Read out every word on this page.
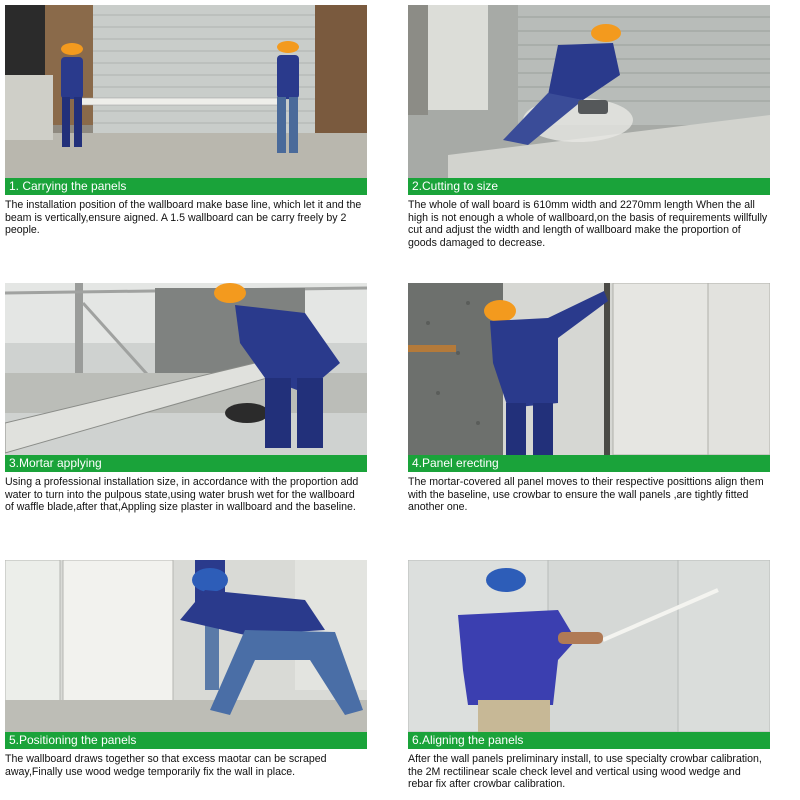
1. Carrying the panels
The installation position of the wallboard make base line, which let it and the beam is vertically,ensure aigned. A 1.5 wallboard can be carry freely by 2 people.
2.Cutting to size
The whole of wall board is 610mm width and 2270mm length When the all high is not enough a whole of wallboard,on the basis of requirements willfully cut and adjust the width and length of wallboard make the proportion of goods damaged to decrease.
3.Mortar applying
Using a professional installation size, in accordance with the proportion add water to turn into the pulpous state,using water brush wet for the wallboard of waffle blade,after that,Appling size plaster in wallboard and the baseline.
4.Panel erecting
The mortar-covered all panel moves to their respective posittions align them with the baseline, use crowbar to ensure the wall panels ,are tightly fitted another one.
5.Positioning the panels
The wallboard draws together so that excess maotar can be scraped away,Finally use wood wedge temporarily fix the wall in place.
6.Aligning the panels
After the wall panels preliminary install, to use specialty crowbar calibration, the 2M rectilinear scale check level and vertical using wood wedge and rebar fix after crowbar calibration.
